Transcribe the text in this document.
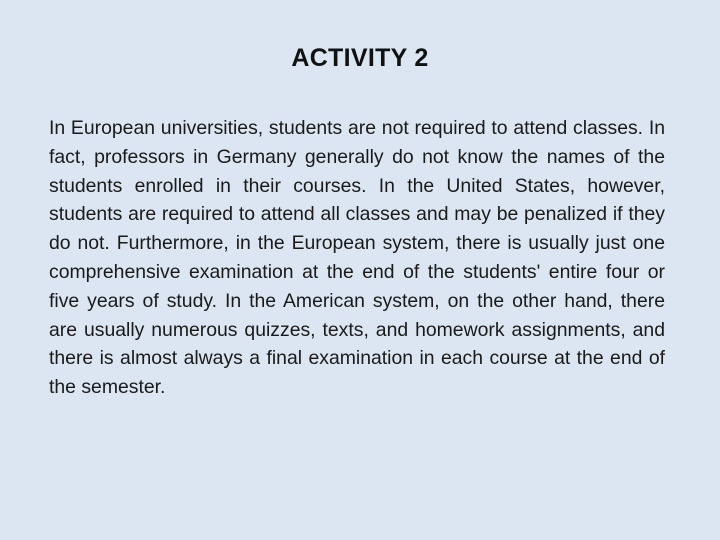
ACTIVITY 2

In European universities, students are not required to attend classes. In fact, professors in Germany generally do not know the names of the students enrolled in their courses. In the United States, however, students are required to attend all classes and may be penalized if they do not. Furthermore, in the European system, there is usually just one comprehensive examination at the end of the students' entire four or five years of study. In the American system, on the other hand, there are usually numerous quizzes, texts, and homework assignments, and there is almost always a final examination in each course at the end of the semester.
